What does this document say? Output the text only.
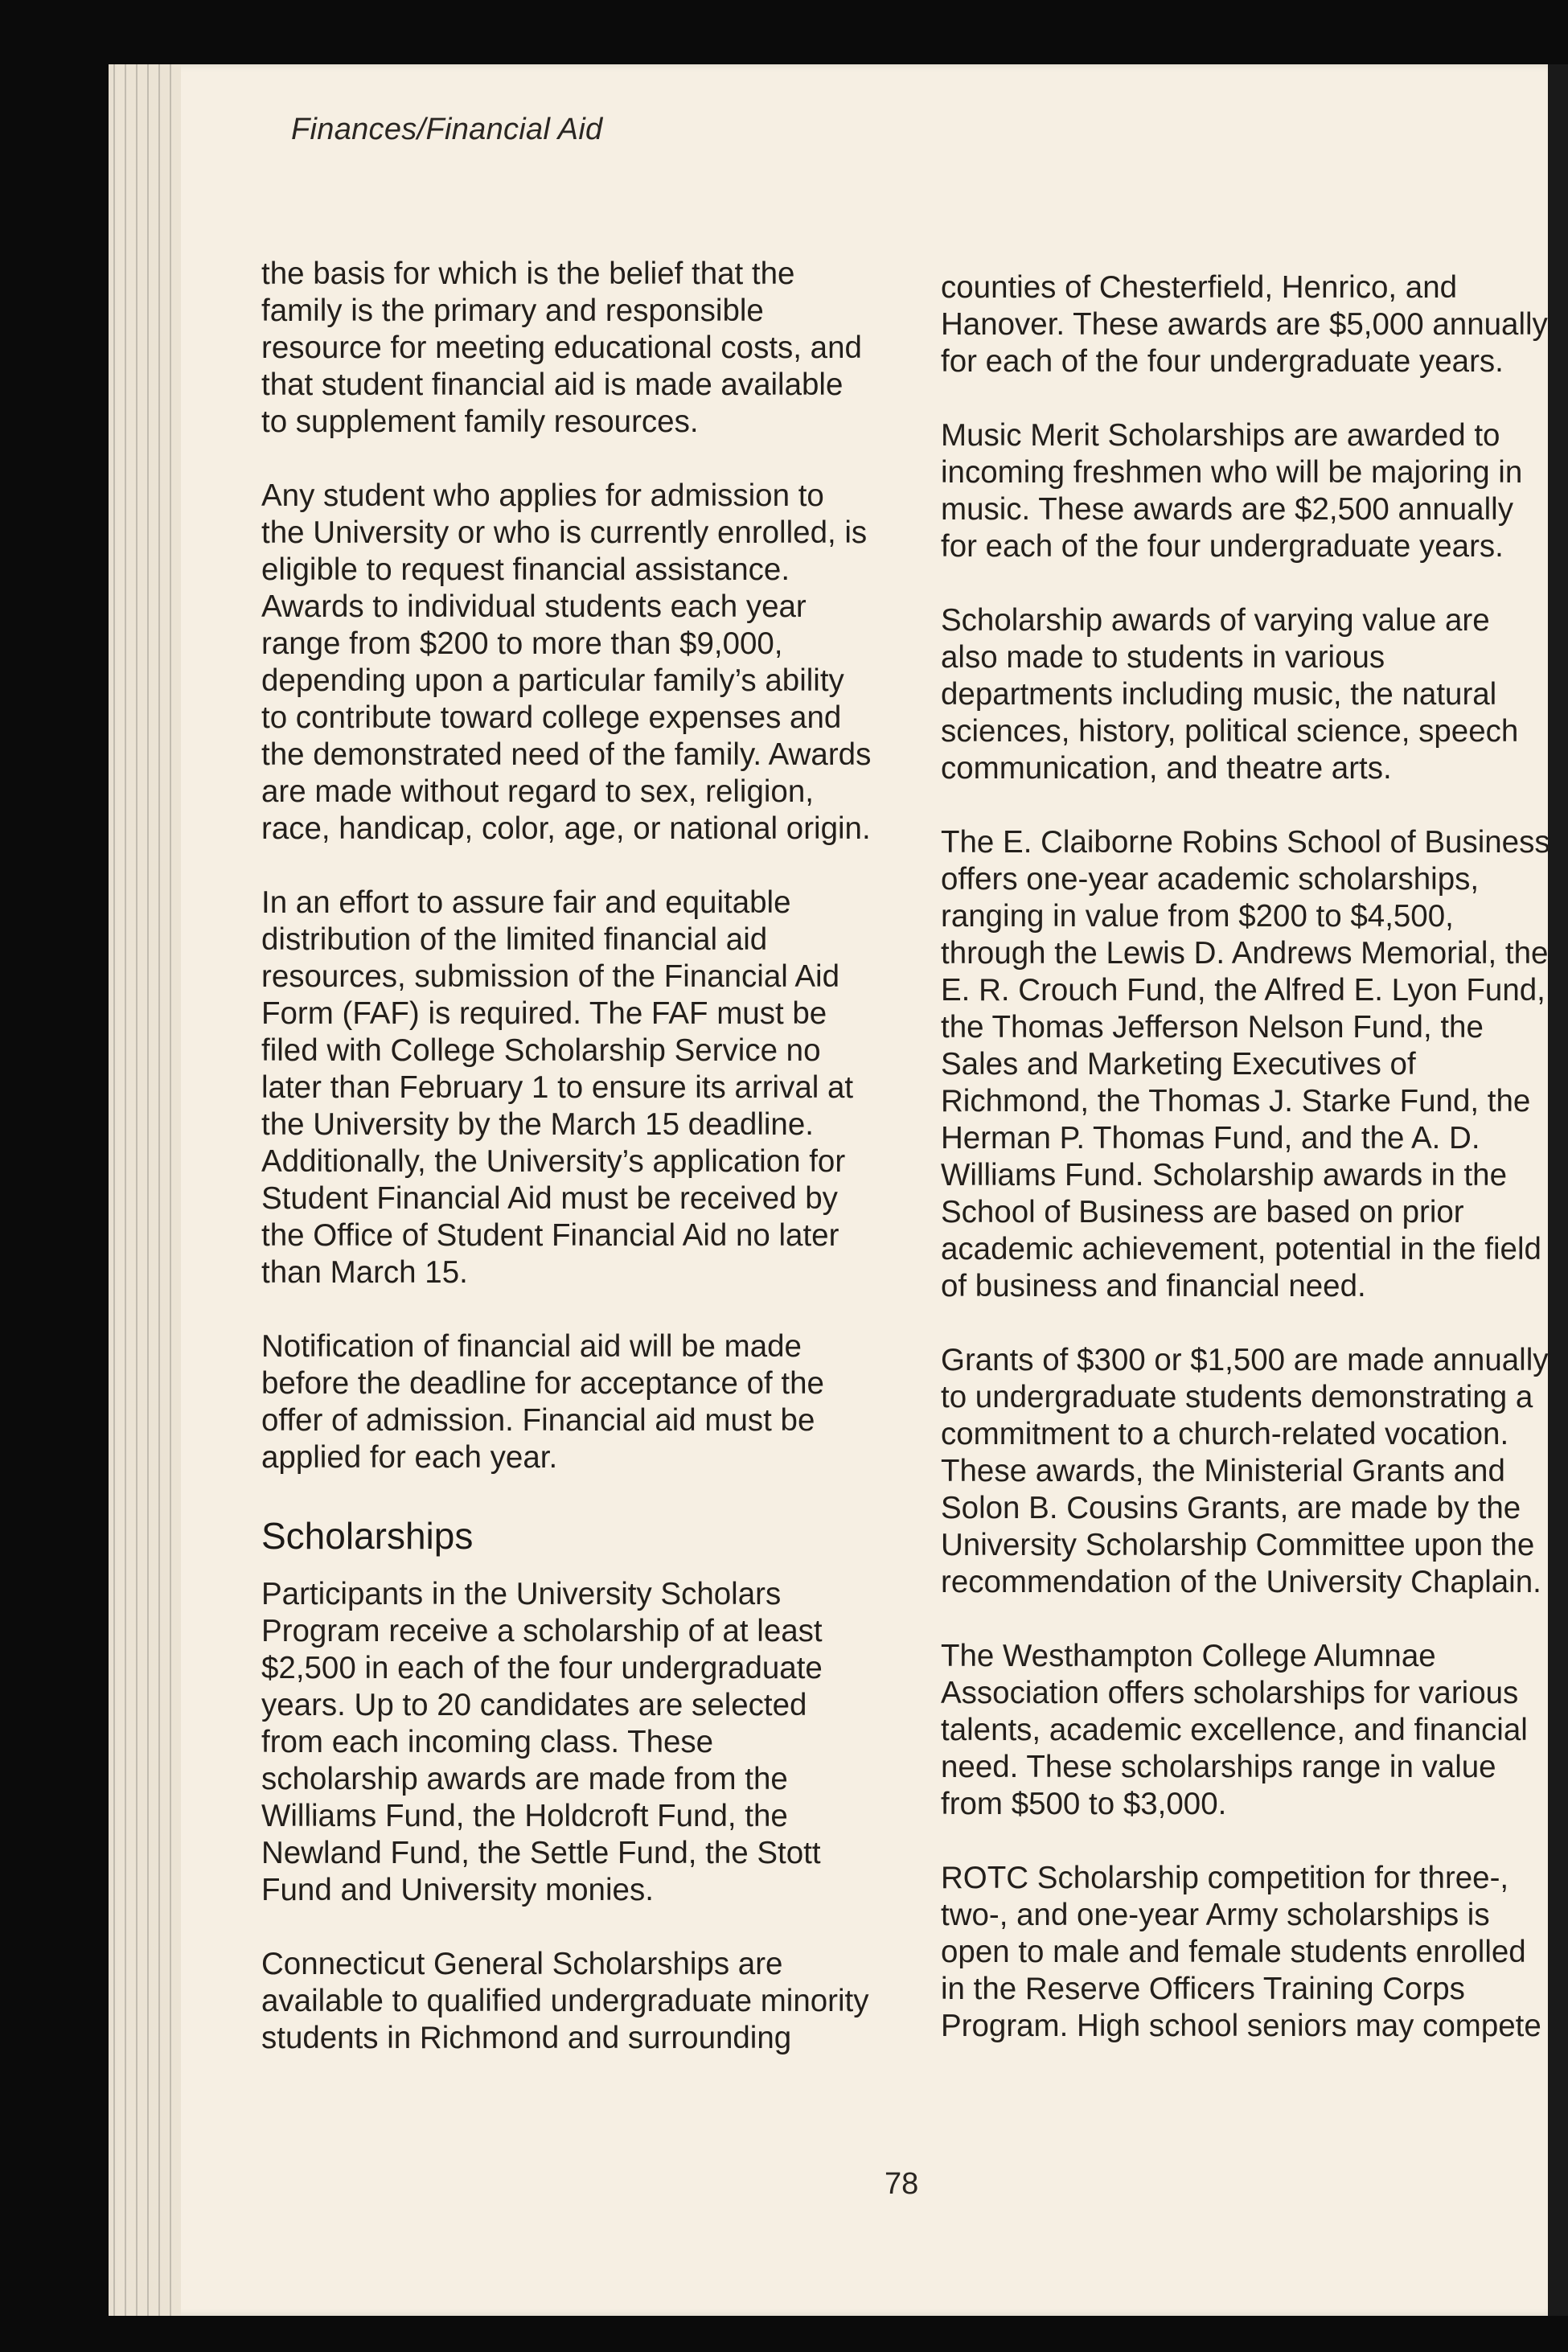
Finances/Financial Aid

the basis for which is the belief that the family is the primary and responsible resource for meeting educational costs, and that student financial aid is made available to supplement family resources.

Any student who applies for admission to the University or who is currently enrolled, is eligible to request financial assistance. Awards to individual students each year range from $200 to more than $9,000, depending upon a particular family’s ability to contribute toward college expenses and the demonstrated need of the family. Awards are made without regard to sex, religion, race, handicap, color, age, or national origin.

In an effort to assure fair and equitable distribution of the limited financial aid resources, submission of the Financial Aid Form (FAF) is required. The FAF must be filed with College Scholarship Service no later than February 1 to ensure its arrival at the University by the March 15 deadline. Additionally, the University’s application for Student Financial Aid must be received by the Office of Student Financial Aid no later than March 15.

Notification of financial aid will be made before the deadline for acceptance of the offer of admission. Financial aid must be applied for each year.

Scholarships

Participants in the University Scholars Program receive a scholarship of at least $2,500 in each of the four undergraduate years. Up to 20 candidates are selected from each incoming class. These scholarship awards are made from the Williams Fund, the Holdcroft Fund, the Newland Fund, the Settle Fund, the Stott Fund and University monies.

Connecticut General Scholarships are available to qualified undergraduate minority students in Richmond and surrounding

counties of Chesterfield, Henrico, and Hanover. These awards are $5,000 annually for each of the four undergraduate years.

Music Merit Scholarships are awarded to incoming freshmen who will be majoring in music. These awards are $2,500 annually for each of the four undergraduate years.

Scholarship awards of varying value are also made to students in various departments including music, the natural sciences, history, political science, speech communication, and theatre arts.

The E. Claiborne Robins School of Business offers one-year academic scholarships, ranging in value from $200 to $4,500, through the Lewis D. Andrews Memorial, the E. R. Crouch Fund, the Alfred E. Lyon Fund, the Thomas Jefferson Nelson Fund, the Sales and Marketing Executives of Richmond, the Thomas J. Starke Fund, the Herman P. Thomas Fund, and the A. D. Williams Fund. Scholarship awards in the School of Business are based on prior academic achievement, potential in the field of business and financial need.

Grants of $300 or $1,500 are made annually to undergraduate students demonstrating a commitment to a church-related vocation. These awards, the Ministerial Grants and Solon B. Cousins Grants, are made by the University Scholarship Committee upon the recommendation of the University Chaplain.

The Westhampton College Alumnae Association offers scholarships for various talents, academic excellence, and financial need. These scholarships range in value from $500 to $3,000.

ROTC Scholarship competition for three-, two-, and one-year Army scholarships is open to male and female students enrolled in the Reserve Officers Training Corps Program. High school seniors may compete

78
